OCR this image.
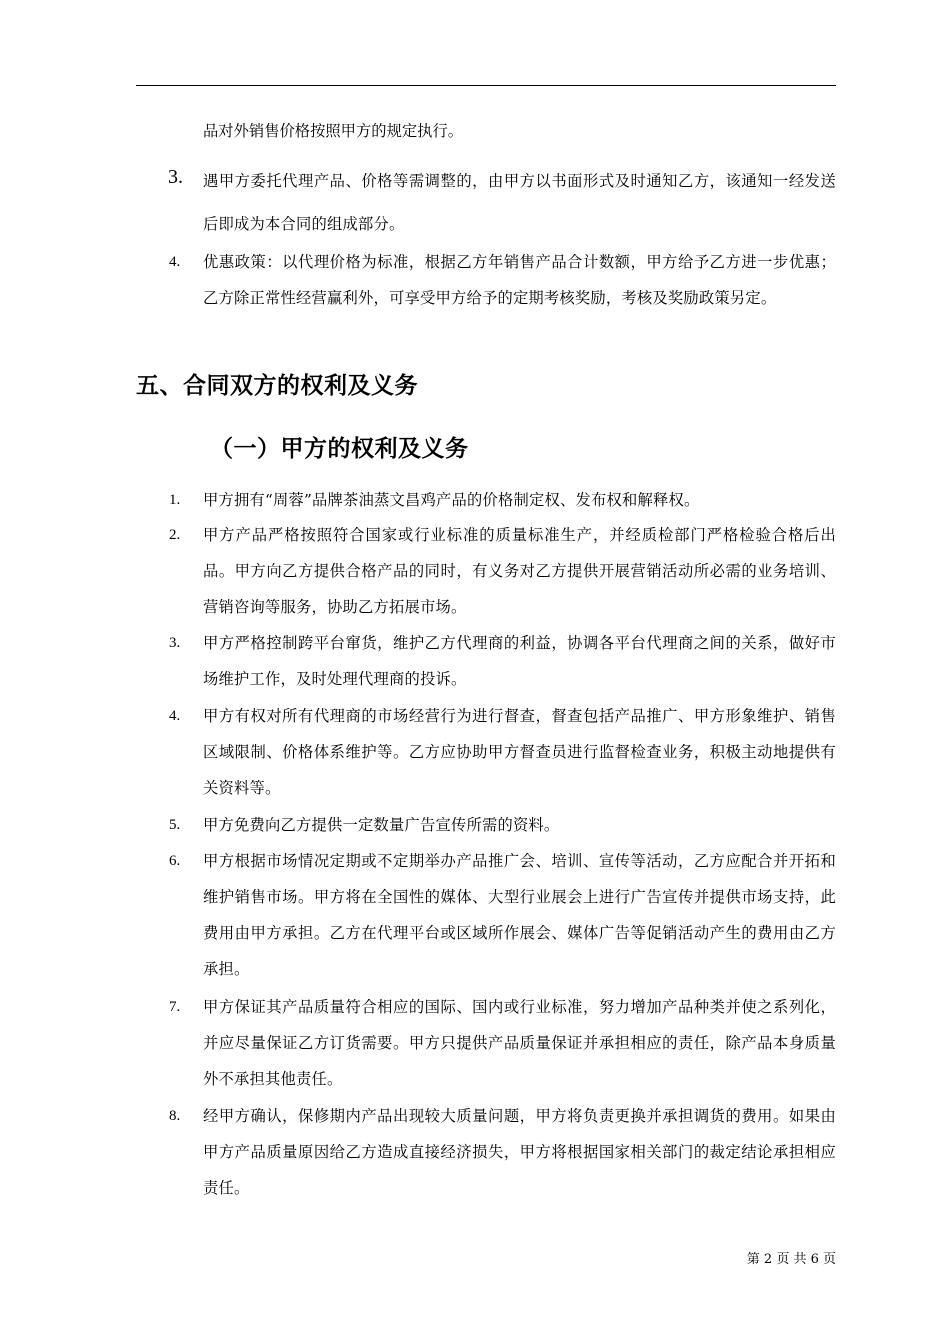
品对外销售价格按照甲方的规定执行。
3. 遇甲方委托代理产品、价格等需调整的，由甲方以书面形式及时通知乙方，该通知一经发送后即成为本合同的组成部分。
4. 优惠政策：以代理价格为标准，根据乙方年销售产品合计数额，甲方给予乙方进一步优惠；乙方除正常性经营赢利外，可享受甲方给予的定期考核奖励，考核及奖励政策另定。
五、合同双方的权利及义务
（一）甲方的权利及义务
1. 甲方拥有“周蓉”品牌茶油蒸文昌鸡产品的价格制定权、发布权和解释权。
2. 甲方产品严格按照符合国家或行业标准的质量标准生产，并经质检部门严格检验合格后出品。甲方向乙方提供合格产品的同时，有义务对乙方提供开展营销活动所必需的业务培训、营销咨询等服务，协助乙方拓展市场。
3. 甲方严格控制跨平台窜货，维护乙方代理商的利益，协调各平台代理商之间的关系，做好市场维护工作，及时处理代理商的投诉。
4. 甲方有权对所有代理商的市场经营行为进行督查，督查包括产品推广、甲方形象维护、销售区域限制、价格体系维护等。乙方应协助甲方督查员进行监督检查业务，积极主动地提供有关资料等。
5. 甲方免费向乙方提供一定数量广告宣传所需的资料。
6. 甲方根据市场情况定期或不定期举办产品推广会、培训、宣传等活动，乙方应配合并开拓和维护销售市场。甲方将在全国性的媒体、大型行业展会上进行广告宣传并提供市场支持，此费用由甲方承担。乙方在代理平台或区域所作展会、媒体广告等促销活动产生的费用由乙方承担。
7. 甲方保证其产品质量符合相应的国际、国内或行业标准，努力增加产品种类并使之系列化，并应尽量保证乙方订货需要。甲方只提供产品质量保证并承担相应的责任，除产品本身质量外不承担其他责任。
8. 经甲方确认，保修期内产品出现较大质量问题，甲方将负责更换并承担调货的费用。如果由甲方产品质量原因给乙方造成直接经济损失，甲方将根据国家相关部门的裁定结论承担相应责任。
第 2 页 共 6 页
